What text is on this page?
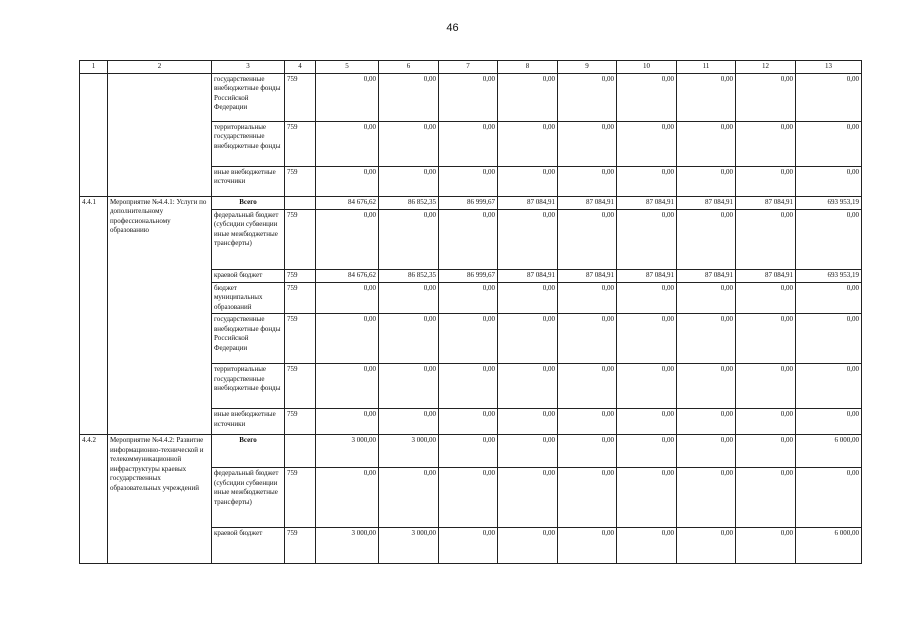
46
1	2	3	4	5	6	7	8	9	10	11	12	13
		государственные внебюджетные фонды Российской Федерации	759	0,00	0,00	0,00	0,00	0,00	0,00	0,00	0,00	0,00
		территориальные государственные внебюджетные фонды	759	0,00	0,00	0,00	0,00	0,00	0,00	0,00	0,00	0,00
		иные внебюджетные источники	759	0,00	0,00	0,00	0,00	0,00	0,00	0,00	0,00	0,00
4.4.1	Мероприятие №4.4.1: Услуги по дополнительному профессиональному образованию	Всего		84 676,62	86 852,35	86 999,67	87 084,91	87 084,91	87 084,91	87 084,91	87 084,91	693 953,19
		федеральный бюджет (субсидии субвенции иные межбюджетные трансферты)	759	0,00	0,00	0,00	0,00	0,00	0,00	0,00	0,00	0,00
		краевой бюджет	759	84 676,62	86 852,35	86 999,67	87 084,91	87 084,91	87 084,91	87 084,91	87 084,91	693 953,19
		бюджет муниципальных образований	759	0,00	0,00	0,00	0,00	0,00	0,00	0,00	0,00	0,00
		государственные внебюджетные фонды Российской Федерации	759	0,00	0,00	0,00	0,00	0,00	0,00	0,00	0,00	0,00
		территориальные государственные внебюджетные фонды	759	0,00	0,00	0,00	0,00	0,00	0,00	0,00	0,00	0,00
		иные внебюджетные источники	759	0,00	0,00	0,00	0,00	0,00	0,00	0,00	0,00	0,00
4.4.2	Мероприятие №4.4.2: Развитие информационно-технической и телекоммуникационной инфраструктуры краевых государственных образовательных учреждений	Всего		3 000,00	3 000,00	0,00	0,00	0,00	0,00	0,00	0,00	6 000,00
		федеральный бюджет (субсидии субвенции иные межбюджетные трансферты)	759	0,00	0,00	0,00	0,00	0,00	0,00	0,00	0,00	0,00
		краевой бюджет	759	3 000,00	3 000,00	0,00	0,00	0,00	0,00	0,00	0,00	6 000,00
